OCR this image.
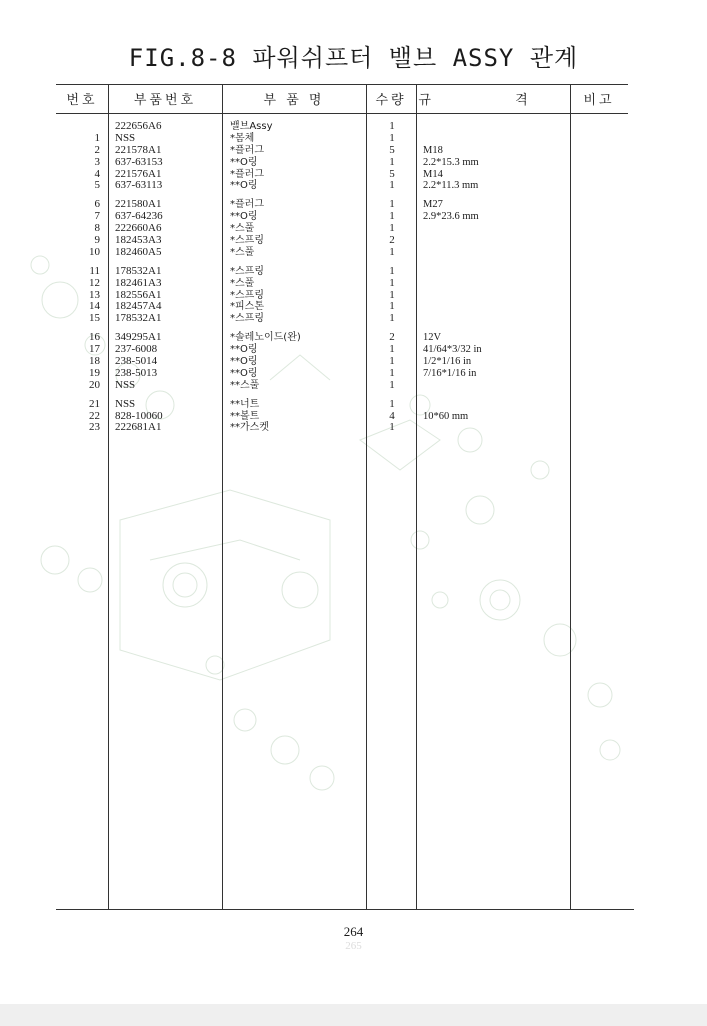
FIG.8-8 파워쉬프터 밸브 ASSY 관계
번호	부품번호	부 품 명	수량 규 격	비고
222656A6	밸브Assy	1
1 NSS	*몸체	1
2 221578A1	*플러그	5	M18
3 637-63153	**O링	1	2.2*15.3 mm
4 221576A1	*플러그	5	M14
5 637-63113	**O링	1	2.2*11.3 mm
6 221580A1	*플러그	1	M27
7 637-64236	**O링	1	2.9*23.6 mm
8 222660A6	*스풀	1
9 182453A3	*스프링	2
10 182460A5	*스풀	1
11 178532A1	*스프링	1
12 182461A3	*스풀	1
13 182556A1	*스프링	1
14 182457A4	*피스톤	1
15 178532A1	*스프링	1
16 349295A1	*솔레노이드(완)	2	12V
17 237-6008	**O링	1	41/64*3/32 in
18 238-5014	**O링	1	1/2*1/16 in
19 238-5013	**O링	1	7/16*1/16 in
20 NSS	**스풀	1
21 NSS	**너트	1
22 828-10060	**볼트	4	10*60 mm
23 222681A1	**가스켓	1
264
265
